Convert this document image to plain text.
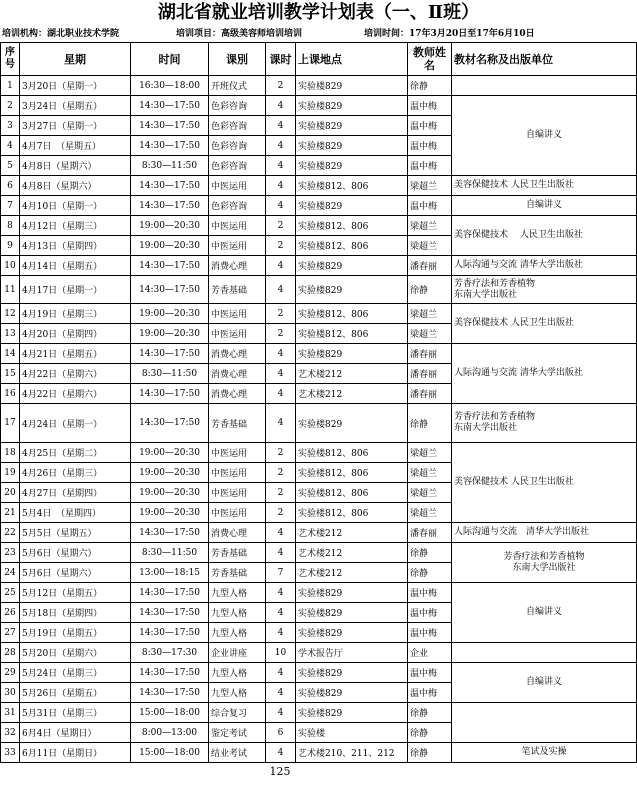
湖北省就业培训教学计划表（一、Ⅱ班）
培训机构：湖北职业技术学院	培训项目：高级美容师培训培训	培训时间：17年3月20日至17年6月10日
序号	星期	时间	课別	课时	上课地点	教师姓名	教材名称及出版单位
1	3月20日（星期一）	16:30—18:00	开班仪式	2	实验楼829	徐静	
2	3月24日（星期五）	14:30—17:50	色彩咨询	4	实验楼829	温中梅	自编讲义

3	3月27日（星期一）	14:30—17:50	色彩咨询	4	实验楼829	温中梅	
4	4月7日　（星期五）	14:30—17:50	色彩咨询	4	实验楼829	温中梅	
5	4月8日（星期六）	8:30—11:50	色彩咨询	4	实验楼829	温中梅	
6	4月8日（星期六）	14:30—17:50	中医运用	4	实验楼812、806	梁超兰	美容保健技术 人民卫生出版社

7	4月10日（星期一）	14:30—17:50	色彩咨询	4	实验楼829	温中梅	自编讲义

8	4月12日（星期三）	19:00—20:30	中医运用	2	实验楼812、806	梁超兰	美容保健技术　 人民卫生出版社

9	4月13日（星期四）	19:00—20:30	中医运用	2	实验楼812、806	梁超兰	
10	4月14日（星期五）	14:30—17:50	消费心理	4	实验楼829	潘春丽	人际沟通与交流 清华大学出版社

11	4月17日（星期一）	14:30—17:50	芳香基础	4	实验楼829	徐静	芳香疗法和芳香植物
东南大学出版社

12	4月19日（星期三）	19:00—20:30	中医运用	2	实验楼812、806	梁超兰	美容保健技术 人民卫生出版社

13	4月20日（星期四）	19:00—20:30	中医运用	2	实验楼812、806	梁超兰	
14	4月21日（星期五）	14:30—17:50	消费心理	4	实验楼829	潘春丽	人际沟通与交流 清华大学出版社

15	4月22日（星期六）	8:30—11:50	消费心理	4	艺术楼212	潘春丽	
16	4月22日（星期六）	14:30—17:50	消费心理	4	艺术楼212	潘春丽	
17	4月24日（星期一）	14:30—17:50	芳香基础	4	实验楼829	徐静	芳香疗法和芳香植物
东南大学出版社

18	4月25日（星期二）	19:00—20:30	中医运用	2	实验楼812、806	梁超兰	美容保健技术 人民卫生出版社

19	4月26日（星期三）	19:00—20:30	中医运用	2	实验楼812、806	梁超兰	
20	4月27日（星期四）	19:00—20:30	中医运用	2	实验楼812、806	梁超兰	
21	5月4日　（星期四）	19:00—20:30	中医运用	2	实验楼812、806	梁超兰	
22	5月5日（星期五）	14:30—17:50	消费心理	4	艺术楼212	潘春丽	人际沟通与交流　清华大学出版社

23	5月6日（星期六）	8:30—11:50	芳香基础	4	艺术楼212	徐静	芳香疗法和芳香植物
东南大学出版社

24	5月6日（星期六）	13:00—18:15	芳香基础	7	艺术楼212	徐静	
25	5月12日（星期五）	14:30—17:50	九型人格	4	实验楼829	温中梅	自编讲义

26	5月18日（星期四）	14:30—17:50	九型人格	4	实验楼829	温中梅	
27	5月19日（星期五）	14:30—17:50	九型人格	4	实验楼829	温中梅	
28	5月20日（星期六）	8:30—17:30	企业讲座	10	学术报告厅	企业	
29	5月24日（星期三）	14:30—17:50	九型人格	4	实验楼829	温中梅	自编讲义

30	5月26日（星期五）	14:30—17:50	九型人格	4	实验楼829	温中梅	
31	5月31日（星期三）	15:00—18:00	综合复习	4	实验楼829	徐静	
32	6月4日（星期日）	8:00—13:00	鉴定考试	6	实验楼	徐静	
33	6月11日（星期日）	15:00—18:00	结业考试	4	艺术楼210、211、212	徐静	笔试及实操
125
